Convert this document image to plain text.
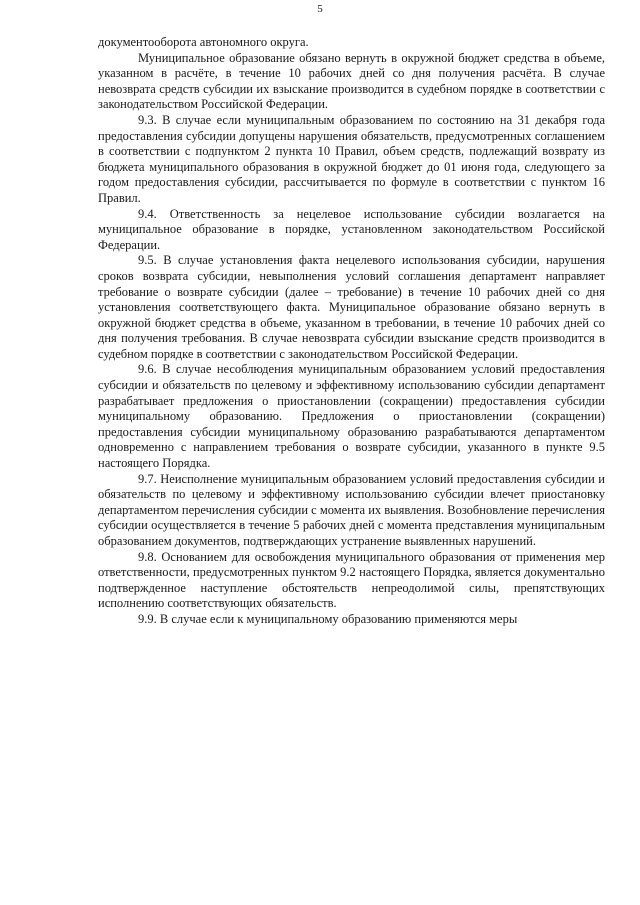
5

документооборота автономного округа.

Муниципальное образование обязано вернуть в окружной бюджет средства в объеме, указанном в расчёте, в течение 10 рабочих дней со дня получения расчёта. В случае невозврата средств субсидии их взыскание производится в судебном порядке в соответствии с законодательством Российской Федерации.

9.3. В случае если муниципальным образованием по состоянию на 31 декабря года предоставления субсидии допущены нарушения обязательств, предусмотренных соглашением в соответствии с подпунктом 2 пункта 10 Правил, объем средств, подлежащий возврату из бюджета муниципального образования в окружной бюджет до 01 июня года, следующего за годом предоставления субсидии, рассчитывается по формуле в соответствии с пунктом 16 Правил.

9.4. Ответственность за нецелевое использование субсидии возлагается на муниципальное образование в порядке, установленном законодательством Российской Федерации.

9.5. В случае установления факта нецелевого использования субсидии, нарушения сроков возврата субсидии, невыполнения условий соглашения департамент направляет требование о возврате субсидии (далее – требование) в течение 10 рабочих дней со дня установления соответствующего факта. Муниципальное образование обязано вернуть в окружной бюджет средства в объеме, указанном в требовании, в течение 10 рабочих дней со дня получения требования. В случае невозврата субсидии взыскание средств производится в судебном порядке в соответствии с законодательством Российской Федерации.

9.6. В случае несоблюдения муниципальным образованием условий предоставления субсидии и обязательств по целевому и эффективному использованию субсидии департамент разрабатывает предложения о приостановлении (сокращении) предоставления субсидии муниципальному образованию. Предложения о приостановлении (сокращении) предоставления субсидии муниципальному образованию разрабатываются департаментом одновременно с направлением требования о возврате субсидии, указанного в пункте 9.5 настоящего Порядка.

9.7. Неисполнение муниципальным образованием условий предоставления субсидии и обязательств по целевому и эффективному использованию субсидии влечет приостановку департаментом перечисления субсидии с момента их выявления. Возобновление перечисления субсидии осуществляется в течение 5 рабочих дней с момента представления муниципальным образованием документов, подтверждающих устранение выявленных нарушений.

9.8. Основанием для освобождения муниципального образования от применения мер ответственности, предусмотренных пунктом 9.2 настоящего Порядка, является документально подтвержденное наступление обстоятельств непреодолимой силы, препятствующих исполнению соответствующих обязательств.

9.9. В случае если к муниципальному образованию применяются меры
